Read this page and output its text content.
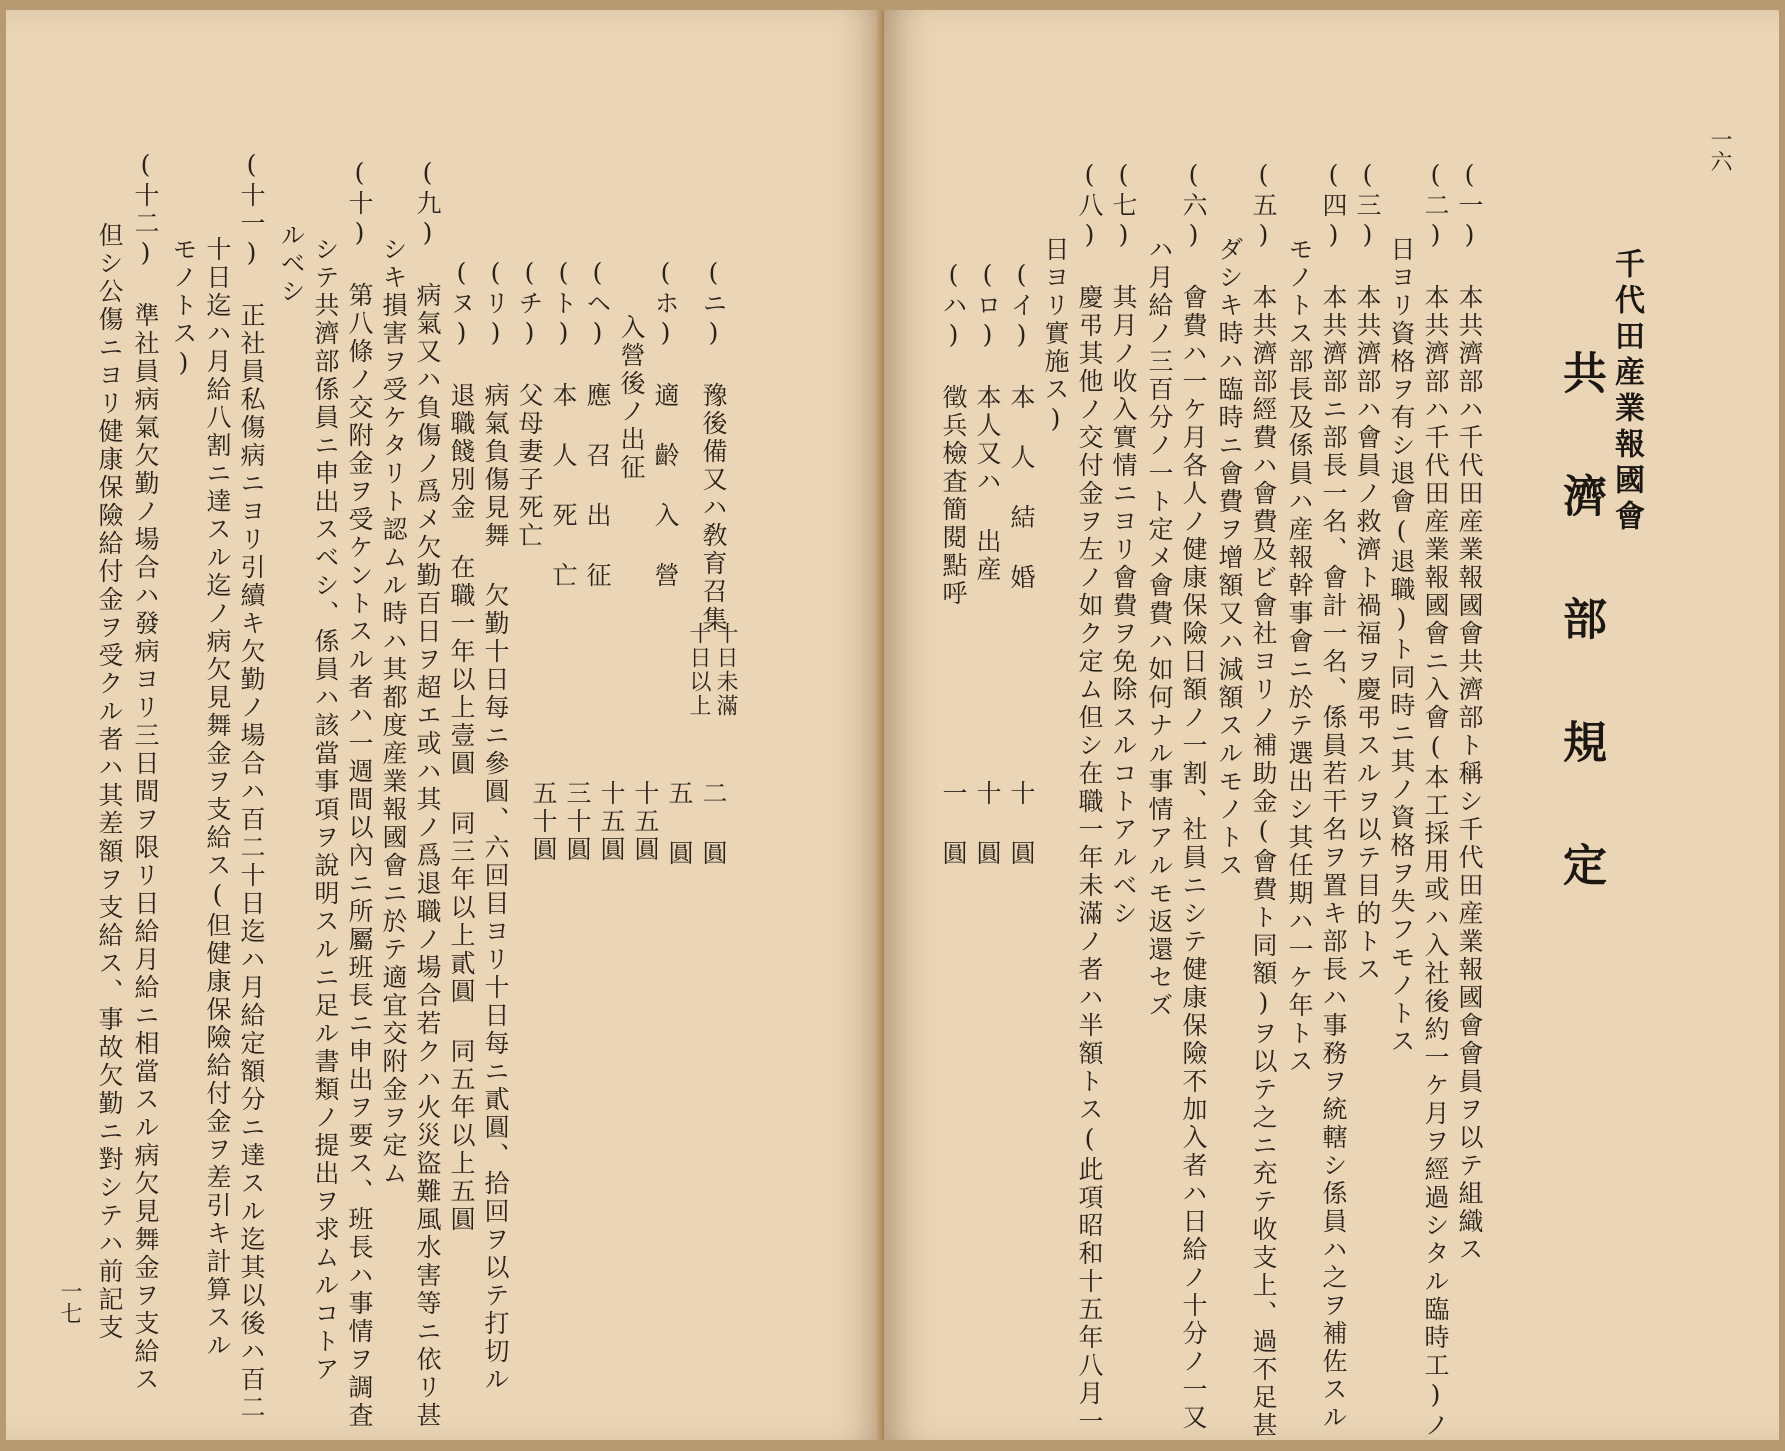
一七
(ニ) 豫後備又ハ敎育召集
十日未滿
十日以上
二 圓
五 圓
(ホ) 適 齡 入 營
十五圓
入營後ノ出征
十五圓
(ヘ) 應 召 出 征
三十圓
(ト) 本 人 死 亡
五十圓
(チ) 父母妻子死亡
(リ) 病氣負傷見舞 欠勤十日每ニ參圓、六回目ヨリ十日每ニ貳圓、拾回ヲ以テ打切ル
(ヌ) 退職餞別金 在職一年以上壹圓 同三年以上貳圓 同五年以上五圓
(九) 病氣又ハ負傷ノ爲メ欠勤百日ヲ超エ或ハ其ノ爲退職ノ場合若クハ火災盜難風水害等ニ依リ甚
シキ損害ヲ受ケタリト認ムル時ハ其都度産業報國會ニ於テ適宜交附金ヲ定ム
(十) 第八條ノ交附金ヲ受ケントスル者ハ一週間以內ニ所屬班長ニ申出ヲ要ス、班長ハ事情ヲ調査
シテ共濟部係員ニ申出スベシ、係員ハ該當事項ヲ說明スルニ足ル書類ノ提出ヲ求ムルコトア
ルベシ
(十一) 正社員私傷病ニヨリ引續キ欠勤ノ場合ハ百二十日迄ハ月給定額分ニ達スル迄其以後ハ百二
十日迄ハ月給八割ニ達スル迄ノ病欠見舞金ヲ支給ス(但健康保險給付金ヲ差引キ計算スル
モノトス)
(十二) 準社員病氣欠勤ノ場合ハ發病ヨリ三日間ヲ限リ日給月給ニ相當スル病欠見舞金ヲ支給ス
但シ公傷ニヨリ健康保險給付金ヲ受クル者ハ其差額ヲ支給ス、事故欠勤ニ對シテハ前記支
一六
千代田産業報國會
共 濟 部 規 定
(一) 本共濟部ハ千代田産業報國會共濟部ト稱シ千代田産業報國會會員ヲ以テ組織ス
(二) 本共濟部ハ千代田産業報國會ニ入會(本工採用或ハ入社後約一ケ月ヲ經過シタル臨時工)ノ
日ヨリ資格ヲ有シ退會(退職)ト同時ニ其ノ資格ヲ失フモノトス
(三) 本共濟部ハ會員ノ救濟ト禍福ヲ慶弔スルヲ以テ目的トス
(四) 本共濟部ニ部長一名、會計一名、係員若干名ヲ置キ部長ハ事務ヲ統轄シ係員ハ之ヲ補佐スル
モノトス部長及係員ハ産報幹事會ニ於テ選出シ其任期ハ一ケ年トス
(五) 本共濟部經費ハ會費及ビ會社ヨリノ補助金(會費ト同額)ヲ以テ之ニ充テ收支上、過不足甚
ダシキ時ハ臨時ニ會費ヲ增額又ハ減額スルモノトス
(六) 會費ハ一ケ月各人ノ健康保險日額ノ一割、社員ニシテ健康保險不加入者ハ日給ノ十分ノ一又
ハ月給ノ三百分ノ一ト定メ會費ハ如何ナル事情アルモ返還セズ
(七) 其月ノ收入實情ニヨリ會費ヲ免除スルコトアルベシ
(八) 慶弔其他ノ交付金ヲ左ノ如ク定ム但シ在職一年未滿ノ者ハ半額トス(此項昭和十五年八月一
日ヨリ實施ス)
(イ) 本 人 結 婚
十 圓
(ロ) 本人又ハ 出産
十 圓
(ハ) 徵兵檢査簡閱點呼
一 圓
